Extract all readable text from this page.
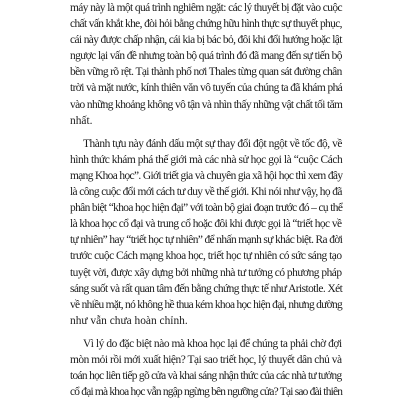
máy này là một quá trình nghiêm ngặt: các lý thuyết bị đặt vào cuộc
chất vấn khắt khe, đòi hỏi bằng chứng hữu hình thực sự thuyết phục,
cái này được chấp nhận, cái kia bị bác bỏ, đôi khi đổi hướng hoặc lật
ngược lại vấn đề nhưng toàn bộ quá trình đó đã mang đến sự tiến bộ
bền vững rõ rệt. Tại thành phố nơi Thales từng quan sát đường chân
trời và mặt nước, kính thiên văn vô tuyến của chúng ta đã khám phá
vào những khoảng không vô tận và nhìn thấy những vật chất tối tăm
nhất.

Thành tựu này đánh dấu một sự thay đổi đột ngột về tốc độ, về
hình thức khám phá thế giới mà các nhà sử học gọi là “cuộc Cách
mạng Khoa học”. Giới triết gia và chuyên gia xã hội học thì xem đây
là công cuộc đổi mới cách tư duy về thế giới. Khi nói như vậy, họ đã
phân biệt “khoa học hiện đại” với toàn bộ giai đoạn trước đó – cụ thể
là khoa học cổ đại và trung cổ hoặc đôi khi được gọi là “triết học về
tự nhiên” hay “triết học tự nhiên” để nhấn mạnh sự khác biệt. Ra đời
trước cuộc Cách mạng khoa học, triết học tự nhiên có sức sáng tạo
tuyệt vời, được xây dựng bởi những nhà tư tưởng có phương pháp
sáng suốt và rất quan tâm đến bằng chứng thực tế như Aristotle. Xét
về nhiều mặt, nó không hề thua kém khoa học hiện đại, nhưng dường
như vẫn chưa hoàn chỉnh.

Vì lý do đặc biệt nào mà khoa học lại để chúng ta phải chờ đợi
mòn mỏi rồi mới xuất hiện? Tại sao triết học, lý thuyết dân chủ và
toán học liên tiếp gõ cửa và khai sáng nhận thức của các nhà tư tưởng
cổ đại mà khoa học vẫn ngập ngừng bên ngưỡng cửa? Tại sao đài thiên
